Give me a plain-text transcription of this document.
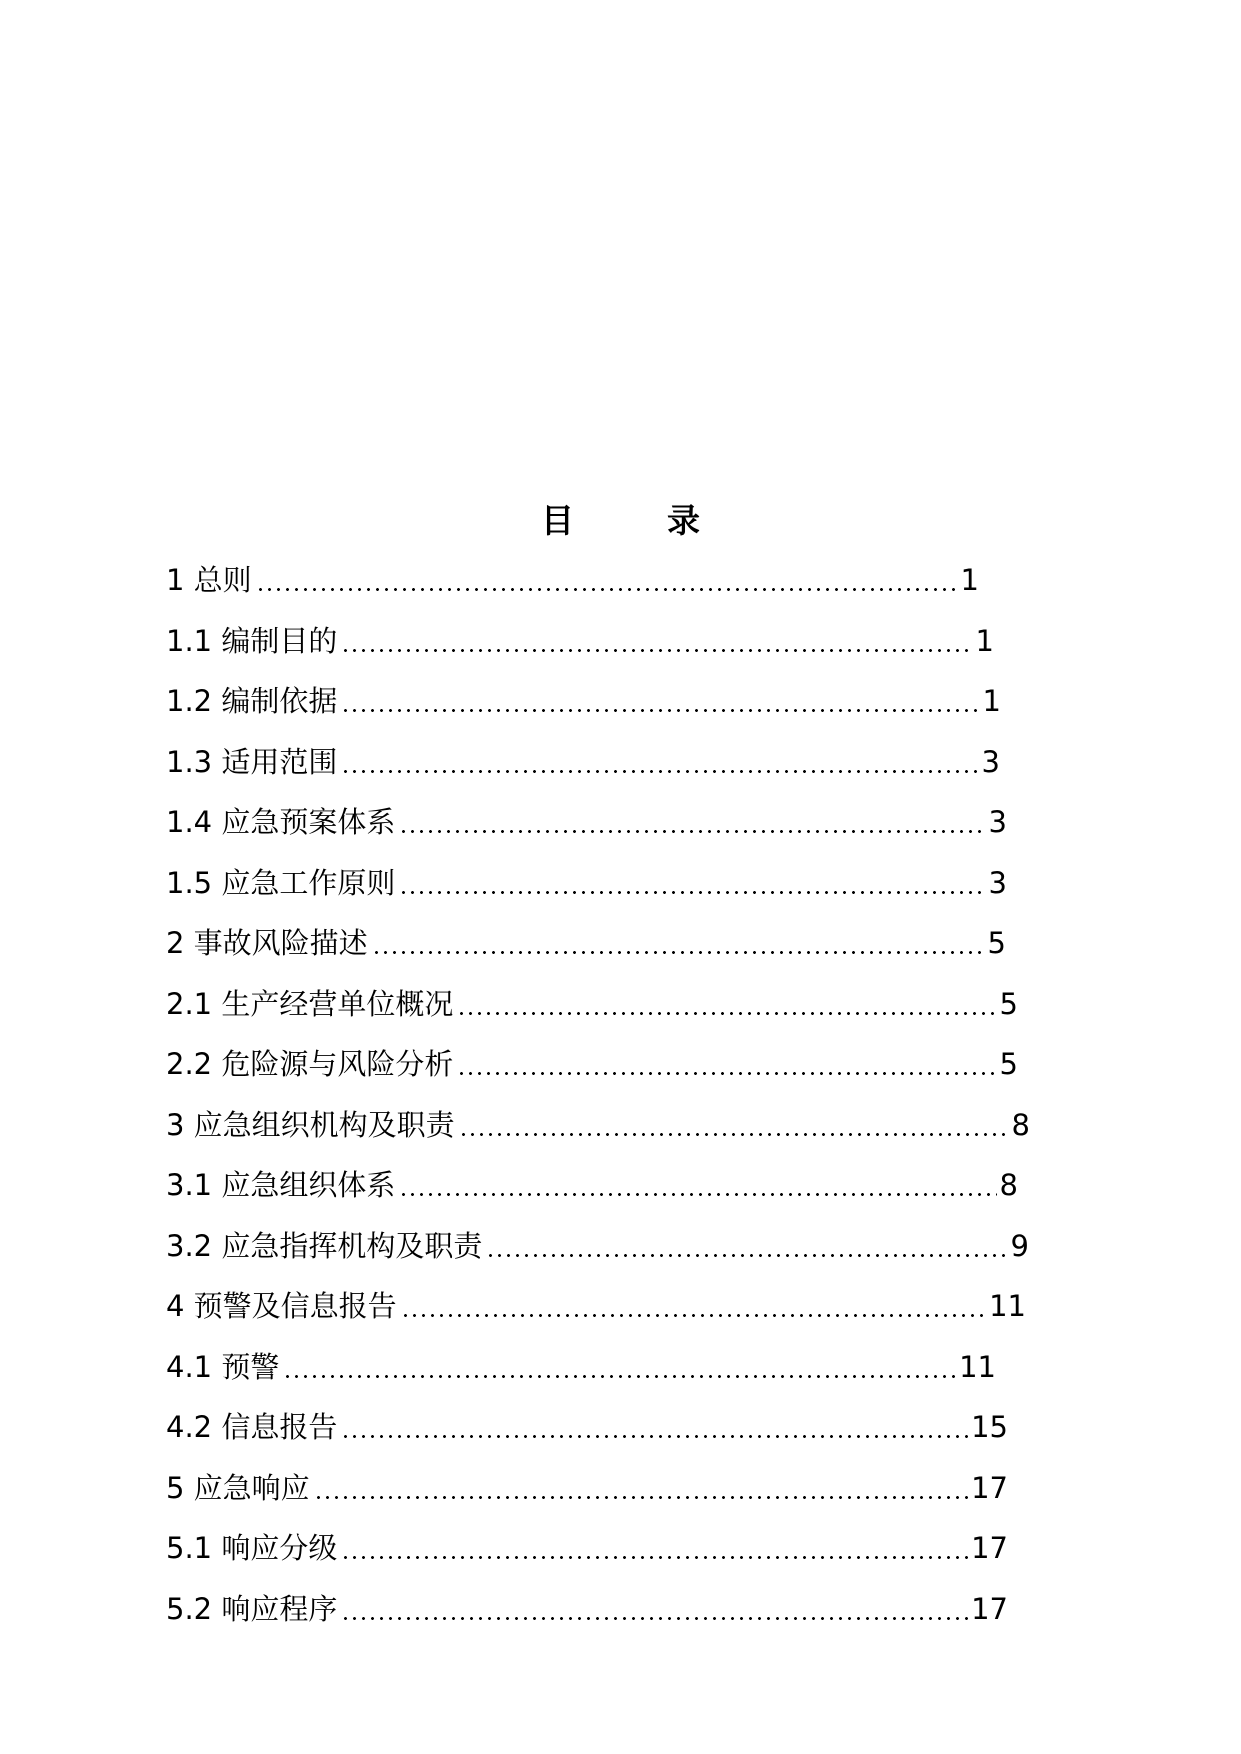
目　录
1 总则	1
1.1 编制目的	1
1.2 编制依据	1
1.3 适用范围	3
1.4 应急预案体系	3
1.5 应急工作原则	3
2 事故风险描述	5
2.1 生产经营单位概况	5
2.2 危险源与风险分析	5
3 应急组织机构及职责	8
3.1 应急组织体系	8
3.2 应急指挥机构及职责	9
4 预警及信息报告	11
4.1 预警	11
4.2 信息报告	15
5 应急响应	17
5.1 响应分级	17
5.2 响应程序	17
